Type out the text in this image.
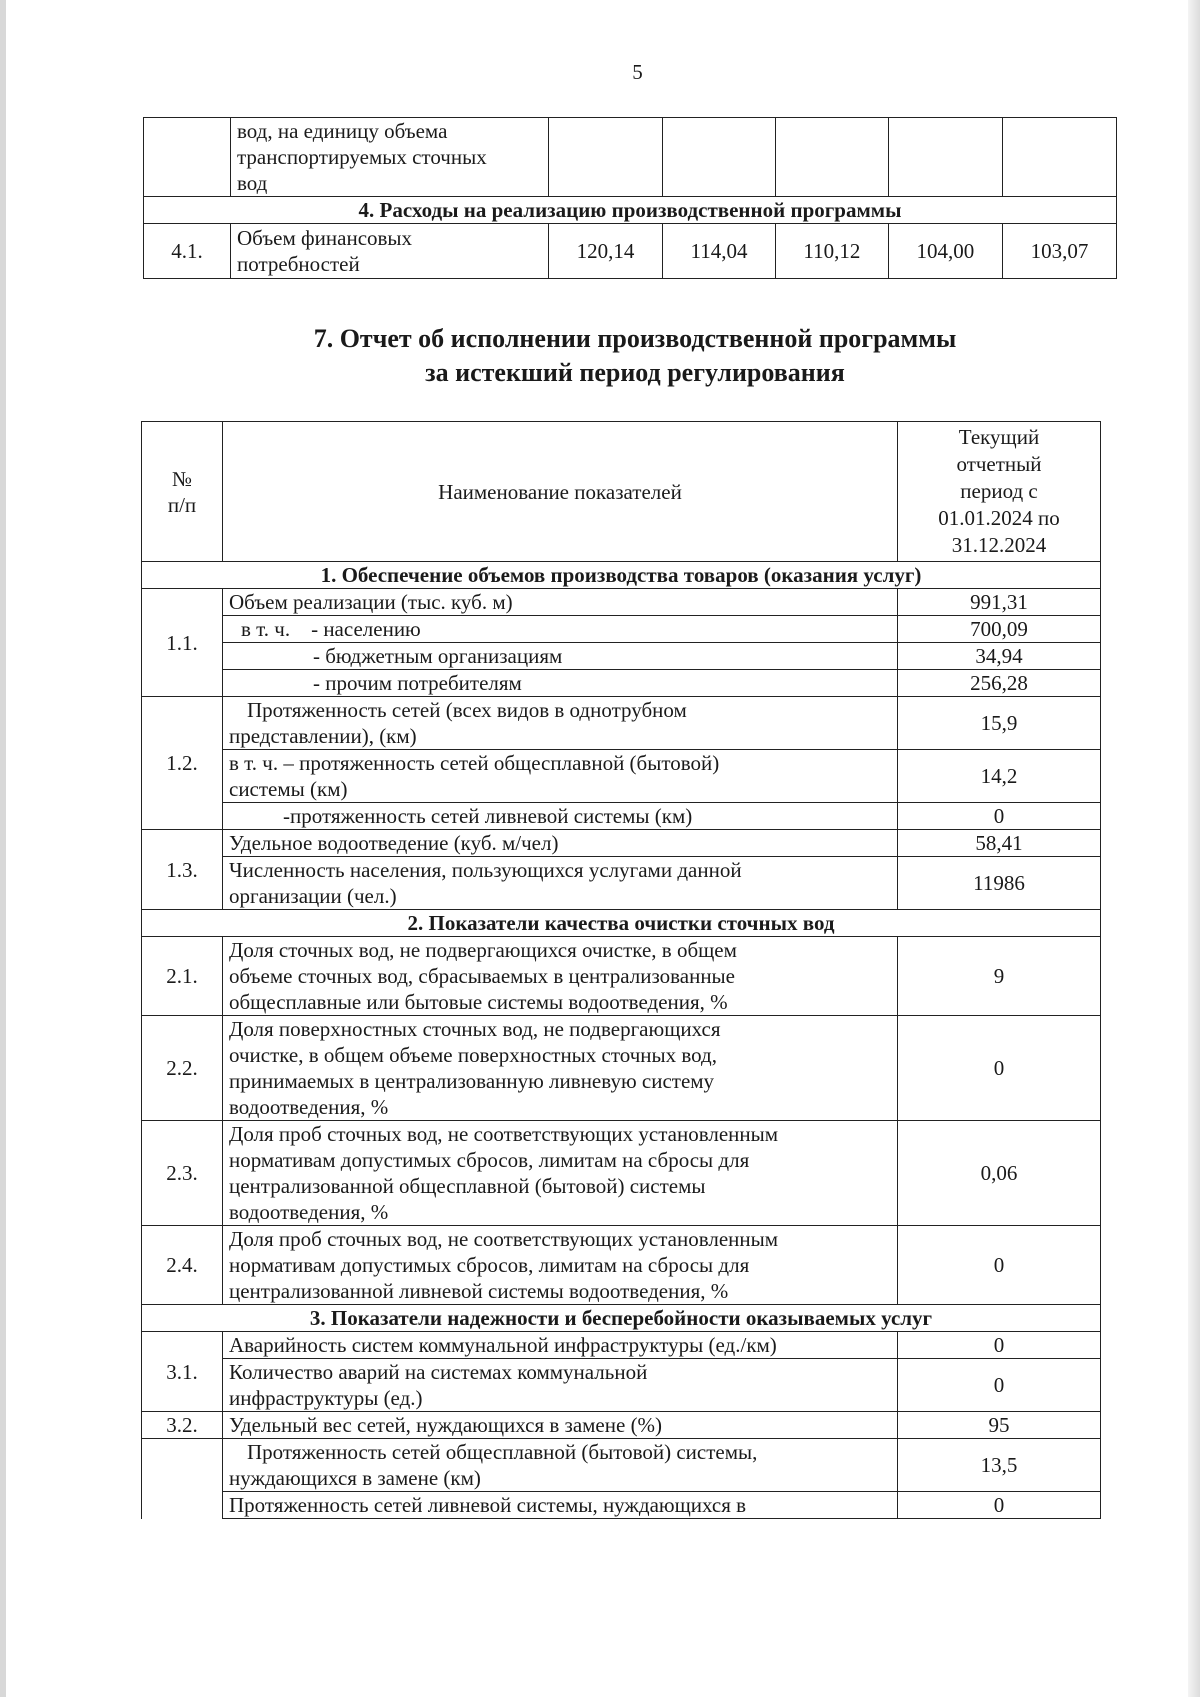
5
	вод, на единицу объема
транспортируемых сточных
вод					
4. Расходы на реализацию производственной программы						
4.1.	Объем финансовых
потребностей	120,14	114,04	110,12	104,00	103,07
7. Отчет об исполнении производственной программы
за истекший период регулирования
№
п/п	Наименование показателей	Текущий
отчетный
период с
01.01.2024 по
31.12.2024
1. Обеспечение объемов производства товаров (оказания услуг)		
1.1.	Объем реализации (тыс. куб. м)	991,31
	в т. ч.    - населению	700,09
	- бюджетным организациям	34,94
	- прочим потребителям	256,28
1.2.	Протяженность сетей (всех видов в однотрубном
представлении), (км)	15,9
	в т. ч. – протяженность сетей общесплавной (бытовой)
системы (км)	14,2
	-протяженность сетей ливневой системы (км)	0
1.3.	Удельное водоотведение (куб. м/чел)	58,41
	Численность населения, пользующихся услугами данной
организации (чел.)	11986
2. Показатели качества очистки сточных вод		
2.1.	Доля сточных вод, не подвергающихся очистке, в общем
объеме сточных вод, сбрасываемых в централизованные
общесплавные или бытовые системы водоотведения, %	9
2.2.	Доля поверхностных сточных вод, не подвергающихся
очистке, в общем объеме поверхностных сточных вод,
принимаемых в централизованную ливневую систему
водоотведения, %	0
2.3.	Доля проб сточных вод, не соответствующих установленным
нормативам допустимых сбросов, лимитам на сбросы для
централизованной общесплавной (бытовой) системы
водоотведения, %	0,06
2.4.	Доля проб сточных вод, не соответствующих установленным
нормативам допустимых сбросов, лимитам на сбросы для
централизованной ливневой системы водоотведения, %	0
3. Показатели надежности и бесперебойности оказываемых услуг		
3.1.	Аварийность систем коммунальной инфраструктуры (ед./км)	0
	Количество аварий на системах коммунальной
инфраструктуры (ед.)	0
3.2.	Удельный вес сетей, нуждающихся в замене (%)	95
	Протяженность сетей общесплавной (бытовой) системы,
нуждающихся в замене (км)	13,5
	Протяженность сетей ливневой системы, нуждающихся в	0
